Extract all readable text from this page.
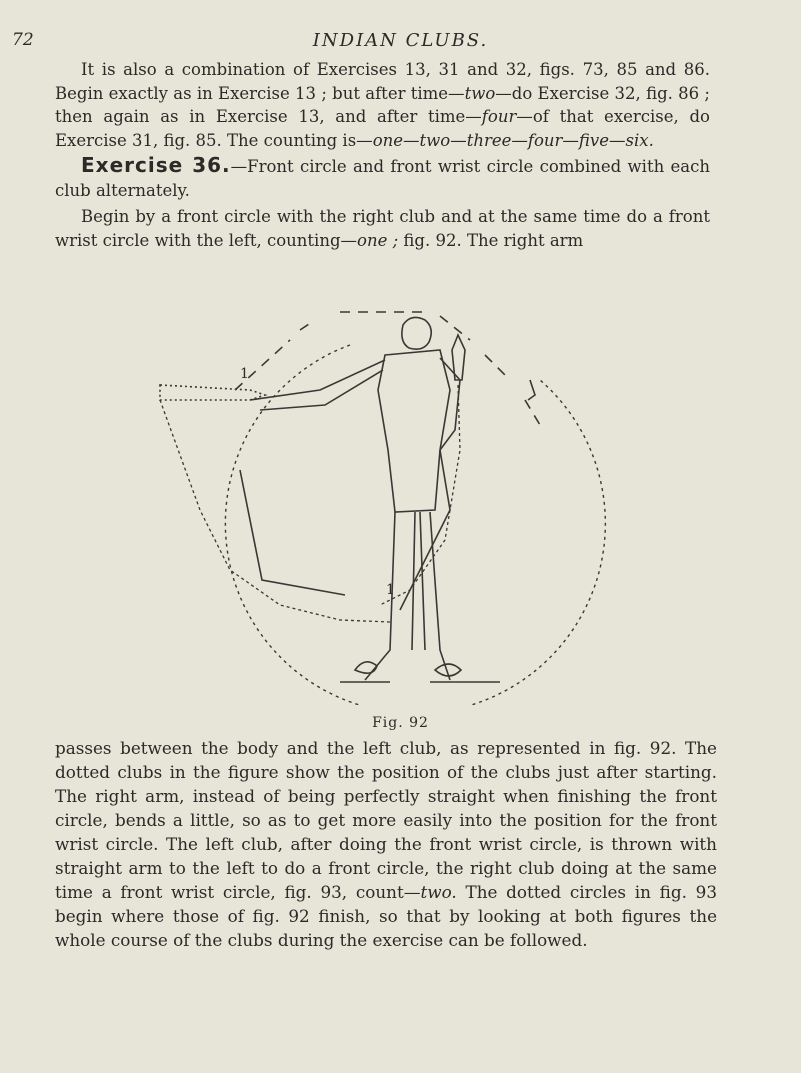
72	INDIAN CLUBS.

It is also a combination of Exercises 13, 31 and 32, figs. 73, 85 and 86. Begin exactly as in Exercise 13 ; but after time—two—do Exercise 32, fig. 86 ; then again as in Exercise 13, and after time—four—of that exercise, do Exercise 31, fig. 85. The counting is—one—two—three—four—five—six.

Exercise 36.—Front circle and front wrist circle combined with each club alternately.

Begin by a front circle with the right club and at the same time do a front wrist circle with the left, counting—one ; fig. 92. The right arm

1
1
Fig. 92

passes between the body and the left club, as represented in fig. 92. The dotted clubs in the figure show the position of the clubs just after starting. The right arm, instead of being perfectly straight when finishing the front circle, bends a little, so as to get more easily into the position for the front wrist circle. The left club, after doing the front wrist circle, is thrown with straight arm to the left to do a front circle, the right club doing at the same time a front wrist circle, fig. 93, count—two. The dotted circles in fig. 93 begin where those of fig. 92 finish, so that by looking at both figures the whole course of the clubs during the exercise can be followed.
